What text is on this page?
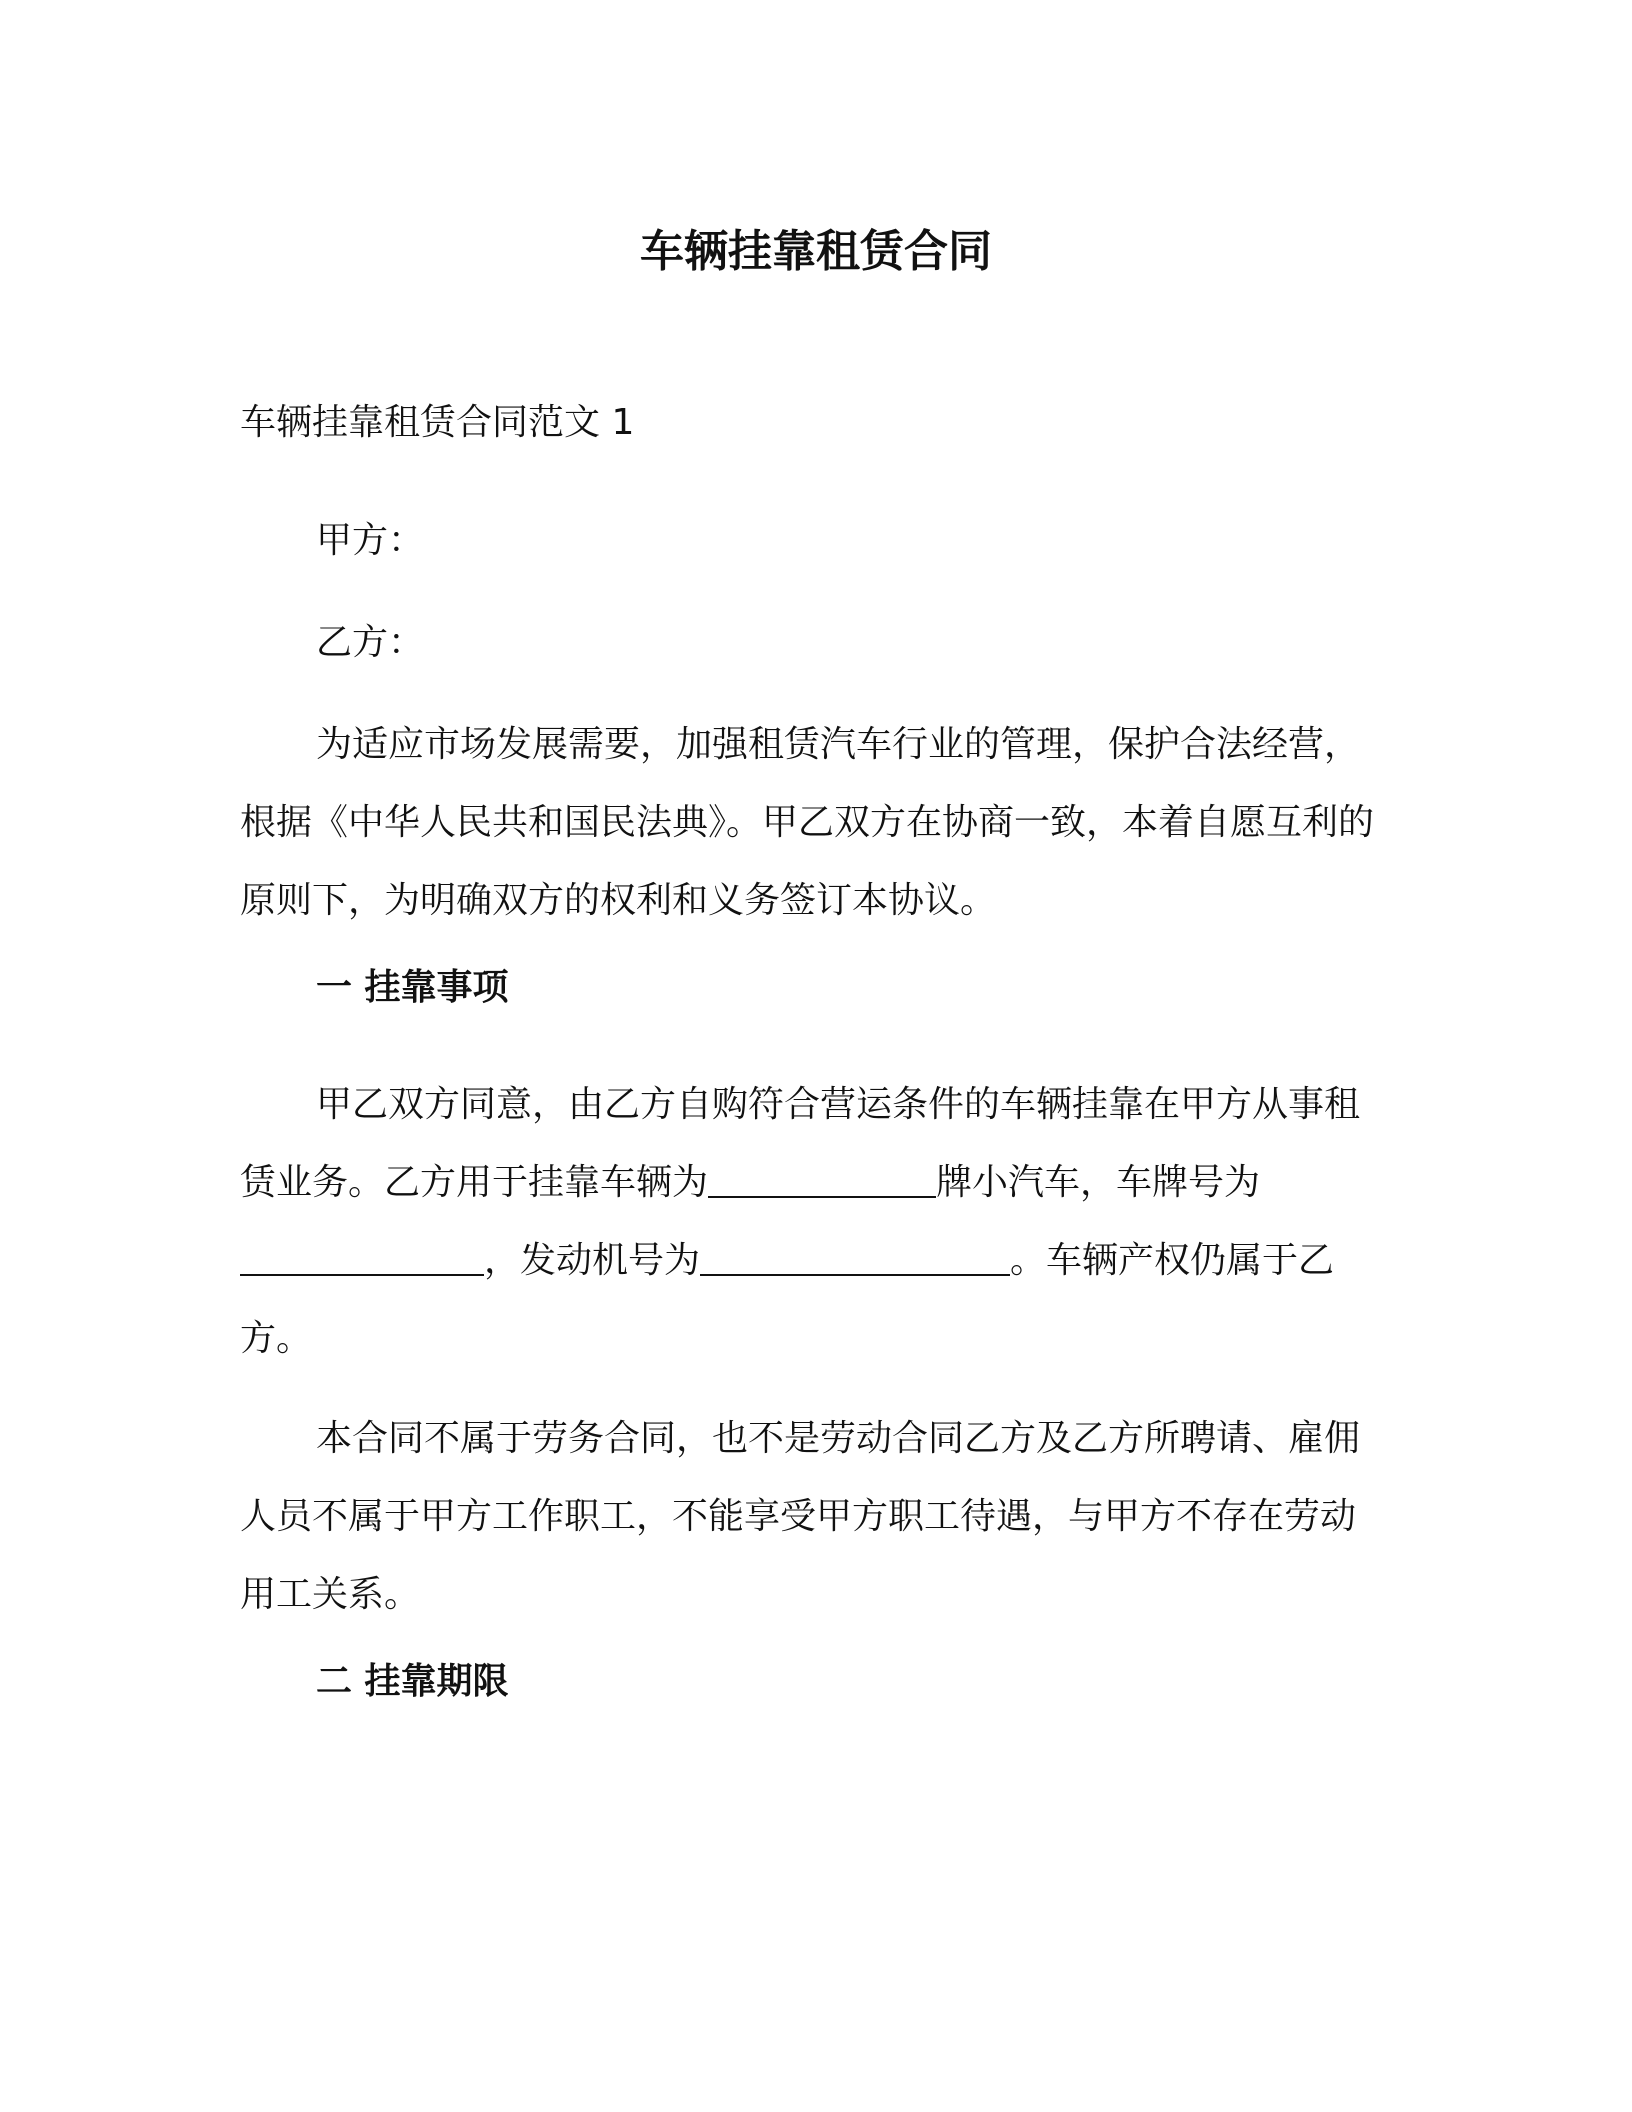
车辆挂靠租赁合同

车辆挂靠租赁合同范文 1

甲方：

乙方：

为适应市场发展需要，加强租赁汽车行业的管理，保护合法经营，根据《中华人民共和国民法典》。甲乙双方在协商一致，本着自愿互利的原则下，为明确双方的权利和义务签订本协议。

一 挂靠事项

甲乙双方同意，由乙方自购符合营运条件的车辆挂靠在甲方从事租赁业务。乙方用于挂靠车辆为	牌小汽车，车牌号为，发动机号为	。车辆产权仍属于乙方。

本合同不属于劳务合同，也不是劳动合同乙方及乙方所聘请、雇佣人员不属于甲方工作职工，不能享受甲方职工待遇，与甲方不存在劳动用工关系。

二 挂靠期限
